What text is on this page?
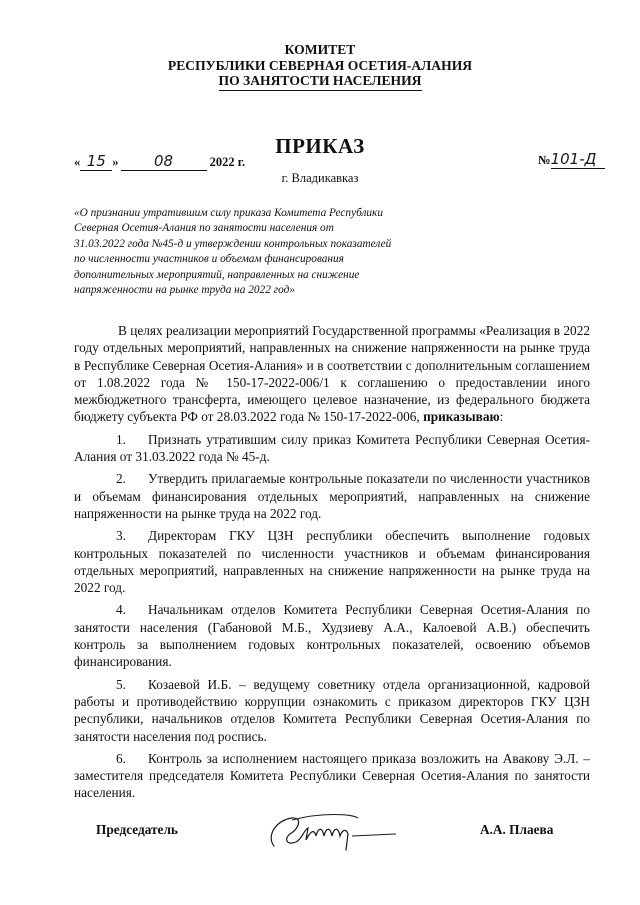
КОМИТЕТ
РЕСПУБЛИКИ СЕВЕРНАЯ ОСЕТИЯ-АЛАНИЯ
ПО ЗАНЯТОСТИ НАСЕЛЕНИЯ
ПРИКАЗ
« 15 » 08	2022 г.	№101-Д
г. Владикавказ
«О признании утратившим силу приказа Комитета Республики
Северная Осетия-Алания по занятости населения от
31.03.2022 года №45-д и утверждении контрольных показателей
по численности участников и объемам финансирования
дополнительных мероприятий, направленных на снижение
напряженности на рынке труда на 2022 год»

В целях реализации мероприятий Государственной программы «Реализация в 2022 году отдельных мероприятий, направленных на снижение напряженности на рынке труда в Республике Северная Осетия-Алания» и в соответствии с дополнительным соглашением от 1.08.2022 года № 150-17-2022-006/1 к соглашению о предоставлении иного межбюджетного трансферта, имеющего целевое назначение, из федерального бюджета бюджету субъекта РФ от 28.03.2022 года № 150-17-2022-006, приказываю:

1. Признать утратившим силу приказ Комитета Республики Северная Осетия-Алания от 31.03.2022 года № 45-д.

2. Утвердить прилагаемые контрольные показатели по численности участников и объемам финансирования отдельных мероприятий, направленных на снижение напряженности на рынке труда на 2022 год.

3. Директорам ГКУ ЦЗН республики обеспечить выполнение годовых контрольных показателей по численности участников и объемам финансирования отдельных мероприятий, направленных на снижение напряженности на рынке труда на 2022 год.

4. Начальникам отделов Комитета Республики Северная Осетия-Алания по занятости населения (Габановой М.Б., Худзиеву А.А., Калоевой А.В.) обеспечить контроль за выполнением годовых контрольных показателей, освоению объемов финансирования.

5. Козаевой И.Б. – ведущему советнику отдела организационной, кадровой работы и противодействию коррупции ознакомить с приказом директоров ГКУ ЦЗН республики, начальников отделов Комитета Республики Северная Осетия-Алания по занятости населения под роспись.

6. Контроль за исполнением настоящего приказа возложить на Авакову Э.Л. – заместителя председателя Комитета Республики Северная Осетия-Алания по занятости населения.

Председатель	А.А. Плаева
